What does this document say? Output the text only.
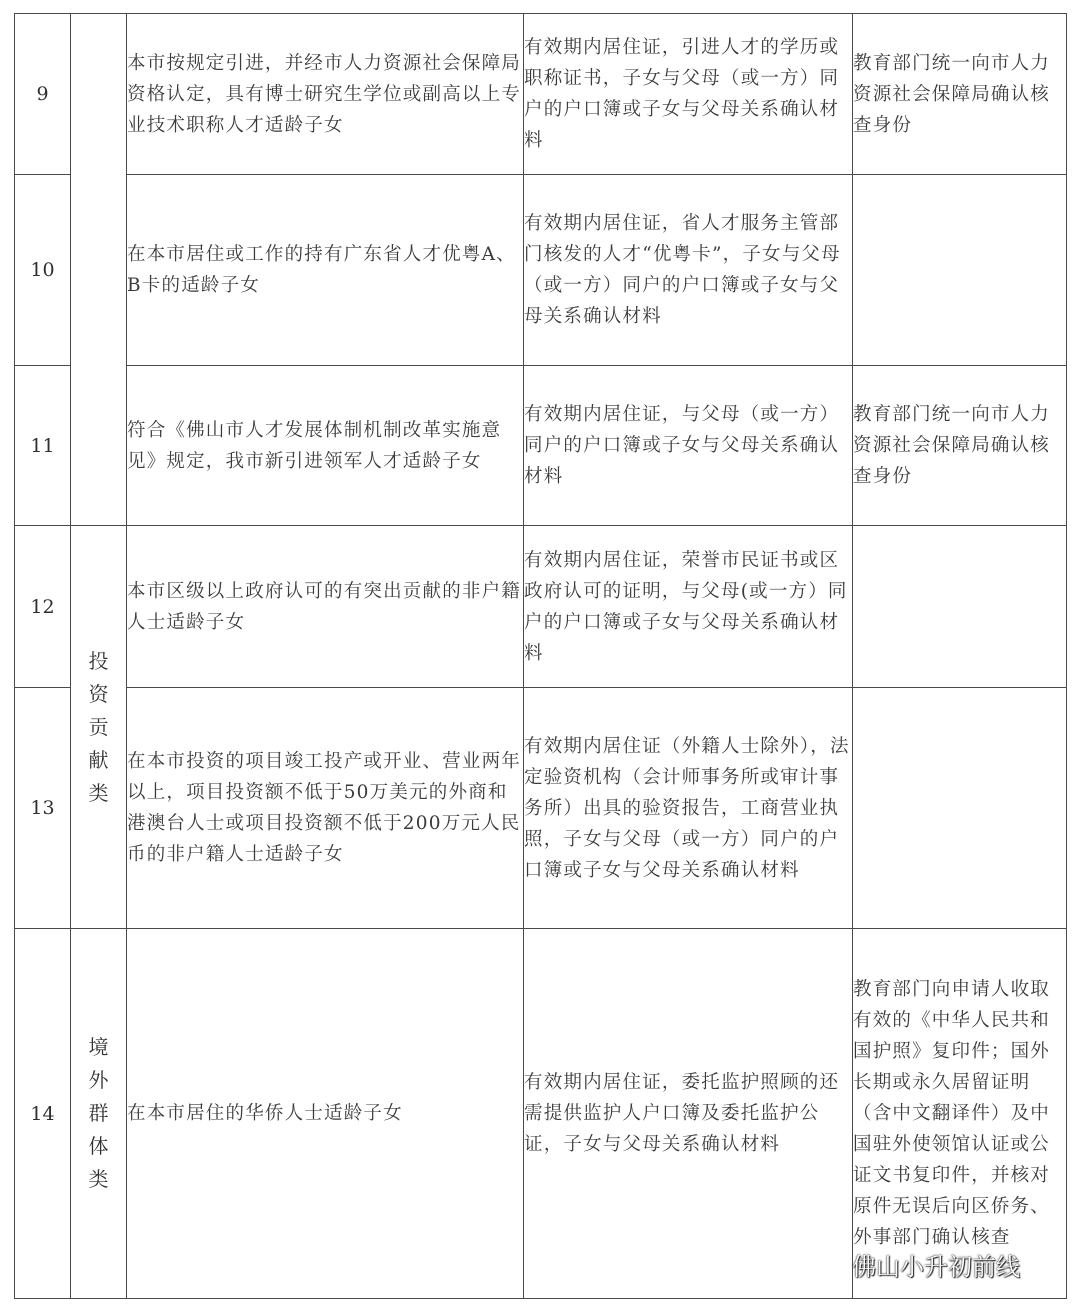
9		本市按规定引进，并经市人力资源社会保障局资格认定，具有博士研究生学位或副高以上专业技术职称人才适龄子女	有效期内居住证，引进人才的学历或职称证书，子女与父母（或一方）同户的户口簿或子女与父母关系确认材料	教育部门统一向市人力资源社会保障局确认核查身份
10		在本市居住或工作的持有广东省人才优粤A、B卡的适龄子女	有效期内居住证，省人才服务主管部门核发的人才“优粤卡”，子女与父母（或一方）同户的户口簿或子女与父母关系确认材料	
11		符合《佛山市人才发展体制机制改革实施意见》规定，我市新引进领军人才适龄子女	有效期内居住证，与父母（或一方）同户的户口簿或子女与父母关系确认材料	教育部门统一向市人力资源社会保障局确认核查身份
12	投资贡献类	本市区级以上政府认可的有突出贡献的非户籍人士适龄子女	有效期内居住证，荣誉市民证书或区政府认可的证明，与父母(或一方）同户的户口簿或子女与父母关系确认材料	
13		在本市投资的项目竣工投产或开业、营业两年以上，项目投资额不低于50万美元的外商和港澳台人士或项目投资额不低于200万元人民币的非户籍人士适龄子女	有效期内居住证（外籍人士除外），法定验资机构（会计师事务所或审计事务所）出具的验资报告，工商营业执照，子女与父母（或一方）同户的户口簿或子女与父母关系确认材料	
14	境外群体类	在本市居住的华侨人士适龄子女	有效期内居住证，委托监护照顾的还需提供监护人户口簿及委托监护公证，子女与父母关系确认材料	教育部门向申请人收取有效的《中华人民共和国护照》复印件；国外长期或永久居留证明（含中文翻译件）及中国驻外使领馆认证或公证文书复印件，并核对原件无误后向区侨务、外事部门确认核查
佛山小升初前线
